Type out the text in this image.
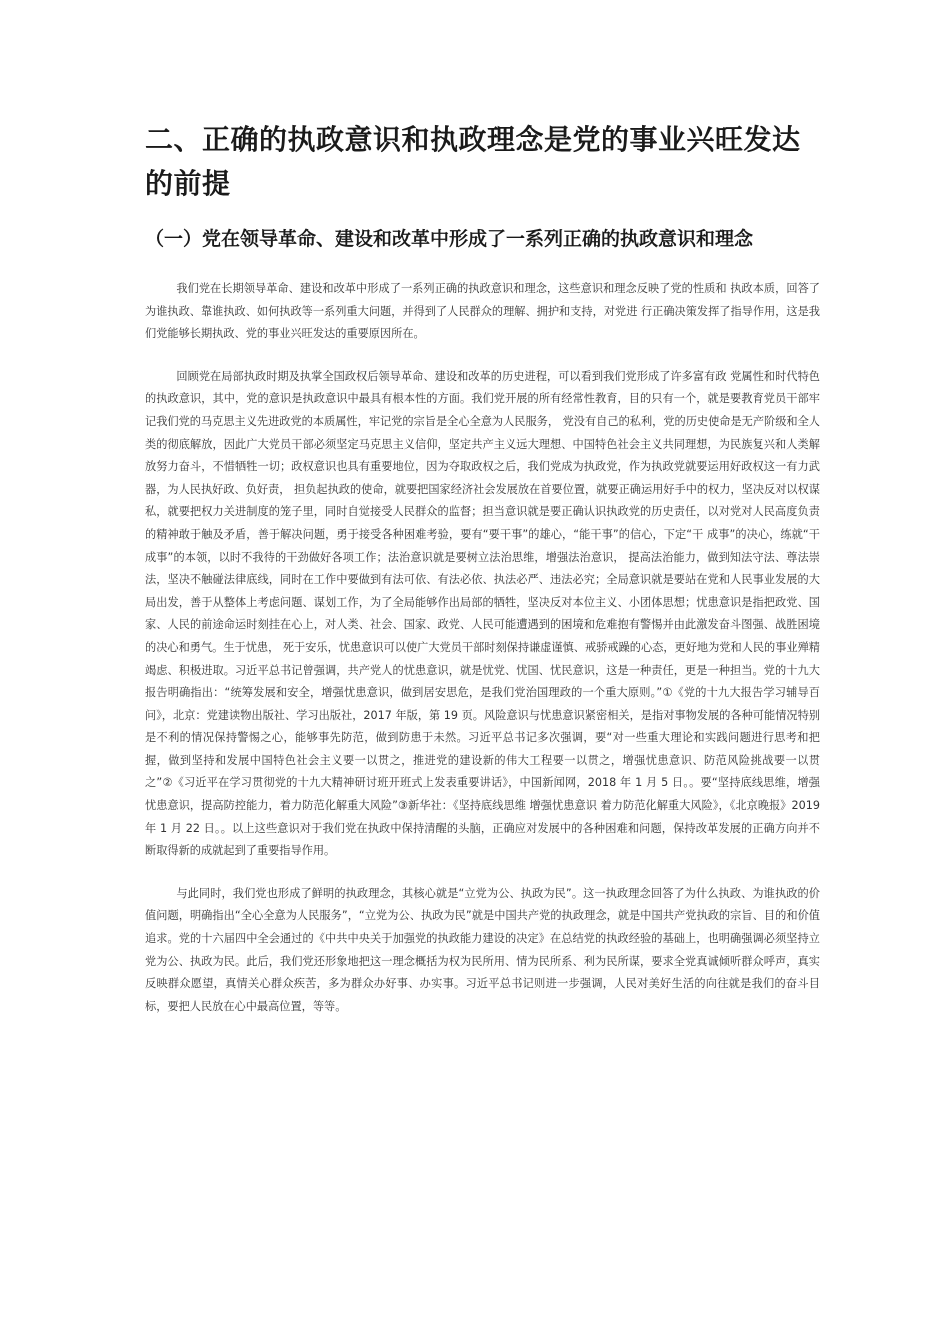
二、正确的执政意识和执政理念是党的事业兴旺发达的前提
（一）党在领导革命、建设和改革中形成了一系列正确的执政意识和理念

我们党在长期领导革命、建设和改革中形成了一系列正确的执政意识和理念，这些意识和理念反映了党的性质和 执政本质，回答了为谁执政、靠谁执政、如何执政等一系列重大问题，并得到了人民群众的理解、拥护和支持，对党进 行正确决策发挥了指导作用，这是我们党能够长期执政、党的事业兴旺发达的重要原因所在。

回顾党在局部执政时期及执掌全国政权后领导革命、建设和改革的历史进程，可以看到我们党形成了许多富有政 党属性和时代特色的执政意识，其中，党的意识是执政意识中最具有根本性的方面。我们党开展的所有经常性教育，目的只有一个，就是要教育党员干部牢记我们党的马克思主义先进政党的本质属性，牢记党的宗旨是全心全意为人民服务， 党没有自己的私利，党的历史使命是无产阶级和全人类的彻底解放，因此广大党员干部必须坚定马克思主义信仰，坚定共产主义远大理想、中国特色社会主义共同理想，为民族复兴和人类解放努力奋斗，不惜牺牲一切；政权意识也具有重要地位，因为夺取政权之后，我们党成为执政党，作为执政党就要运用好政权这一有力武器，为人民执好政、负好责， 担负起执政的使命，就要把国家经济社会发展放在首要位置，就要正确运用好手中的权力，坚决反对以权谋私，就要把权力关进制度的笼子里，同时自觉接受人民群众的监督；担当意识就是要正确认识执政党的历史责任，以对党对人民高度负责的精神敢于触及矛盾，善于解决问题，勇于接受各种困难考验，要有“要干事”的雄心，“能干事”的信心，下定“干 成事”的决心，练就“干成事”的本领，以时不我待的干劲做好各项工作；法治意识就是要树立法治思维，增强法治意识， 提高法治能力，做到知法守法、尊法崇法，坚决不触碰法律底线，同时在工作中要做到有法可依、有法必依、执法必严、违法必究；全局意识就是要站在党和人民事业发展的大局出发，善于从整体上考虑问题、谋划工作，为了全局能够作出局部的牺牲，坚决反对本位主义、小团体思想；忧患意识是指把政党、国家、人民的前途命运时刻挂在心上，对人类、社会、国家、政党、人民可能遭遇到的困境和危难抱有警惕并由此激发奋斗图强、战胜困境的决心和勇气。生于忧患， 死于安乐，忧患意识可以使广大党员干部时刻保持谦虚谨慎、戒骄戒躁的心态，更好地为党和人民的事业殚精竭虑、积极进取。习近平总书记曾强调，共产党人的忧患意识，就是忧党、忧国、忧民意识，这是一种责任，更是一种担当。党的十九大报告明确指出：“统筹发展和安全，增强忧患意识，做到居安思危，是我们党治国理政的一个重大原则。”①《党的十九大报告学习辅导百问》，北京：党建读物出版社、学习出版社，2017 年版，第 19 页。风险意识与忧患意识紧密相关，是指对事物发展的各种可能情况特别是不利的情况保持警惕之心，能够事先防范，做到防患于未然。习近平总书记多次强调，要“对一些重大理论和实践问题进行思考和把握，做到坚持和发展中国特色社会主义要一以贯之，推进党的建设新的伟大工程要一以贯之，增强忧患意识、防范风险挑战要一以贯之”②《习近平在学习贯彻党的十九大精神研讨班开班式上发表重要讲话》，中国新闻网，2018 年 1 月 5 日。。要“坚持底线思维，增强忧患意识，提高防控能力，着力防范化解重大风险”③新华社：《坚持底线思维 增强忧患意识 着力防范化解重大风险》，《北京晚报》2019 年 1 月 22 日。。以上这些意识对于我们党在执政中保持清醒的头脑，正确应对发展中的各种困难和问题，保持改革发展的正确方向并不断取得新的成就起到了重要指导作用。

与此同时，我们党也形成了鲜明的执政理念，其核心就是“立党为公、执政为民”。这一执政理念回答了为什么执政、为谁执政的价值问题，明确指出“全心全意为人民服务”，“立党为公、执政为民”就是中国共产党的执政理念，就是中国共产党执政的宗旨、目的和价值追求。党的十六届四中全会通过的《中共中央关于加强党的执政能力建设的决定》在总结党的执政经验的基础上，也明确强调必须坚持立党为公、执政为民。此后，我们党还形象地把这一理念概括为权为民所用、情为民所系、利为民所谋，要求全党真诚倾听群众呼声，真实反映群众愿望，真情关心群众疾苦，多为群众办好事、办实事。习近平总书记则进一步强调，人民对美好生活的向往就是我们的奋斗目标，要把人民放在心中最高位置，等等。
